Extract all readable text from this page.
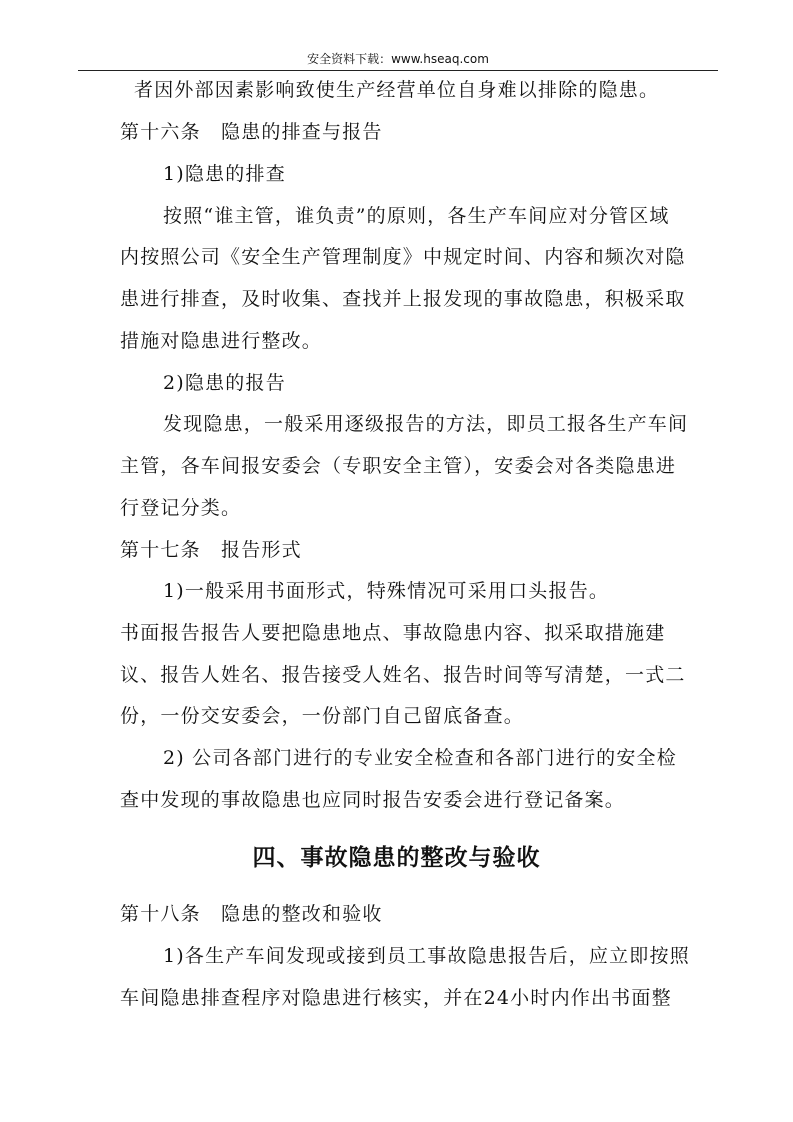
安全资料下载：www.hseaq.com
者因外部因素影响致使生产经营单位自身难以排除的隐患。
第十六条　隐患的排查与报告
1)隐患的排查
按照“谁主管，谁负责”的原则，各生产车间应对分管区域
内按照公司《安全生产管理制度》中规定时间、内容和频次对隐
患进行排查，及时收集、查找并上报发现的事故隐患，积极采取
措施对隐患进行整改。
2)隐患的报告
发现隐患，一般采用逐级报告的方法，即员工报各生产车间
主管，各车间报安委会（专职安全主管），安委会对各类隐患进
行登记分类。
第十七条　报告形式
1)一般采用书面形式，特殊情况可采用口头报告。
书面报告报告人要把隐患地点、事故隐患内容、拟采取措施建
议、报告人姓名、报告接受人姓名、报告时间等写清楚，一式二
份，一份交安委会，一份部门自己留底备查。
2) 公司各部门进行的专业安全检查和各部门进行的安全检
查中发现的事故隐患也应同时报告安委会进行登记备案。
四、事故隐患的整改与验收
第十八条　隐患的整改和验收
1)各生产车间发现或接到员工事故隐患报告后，应立即按照
车间隐患排查程序对隐患进行核实，并在24小时内作出书面整
